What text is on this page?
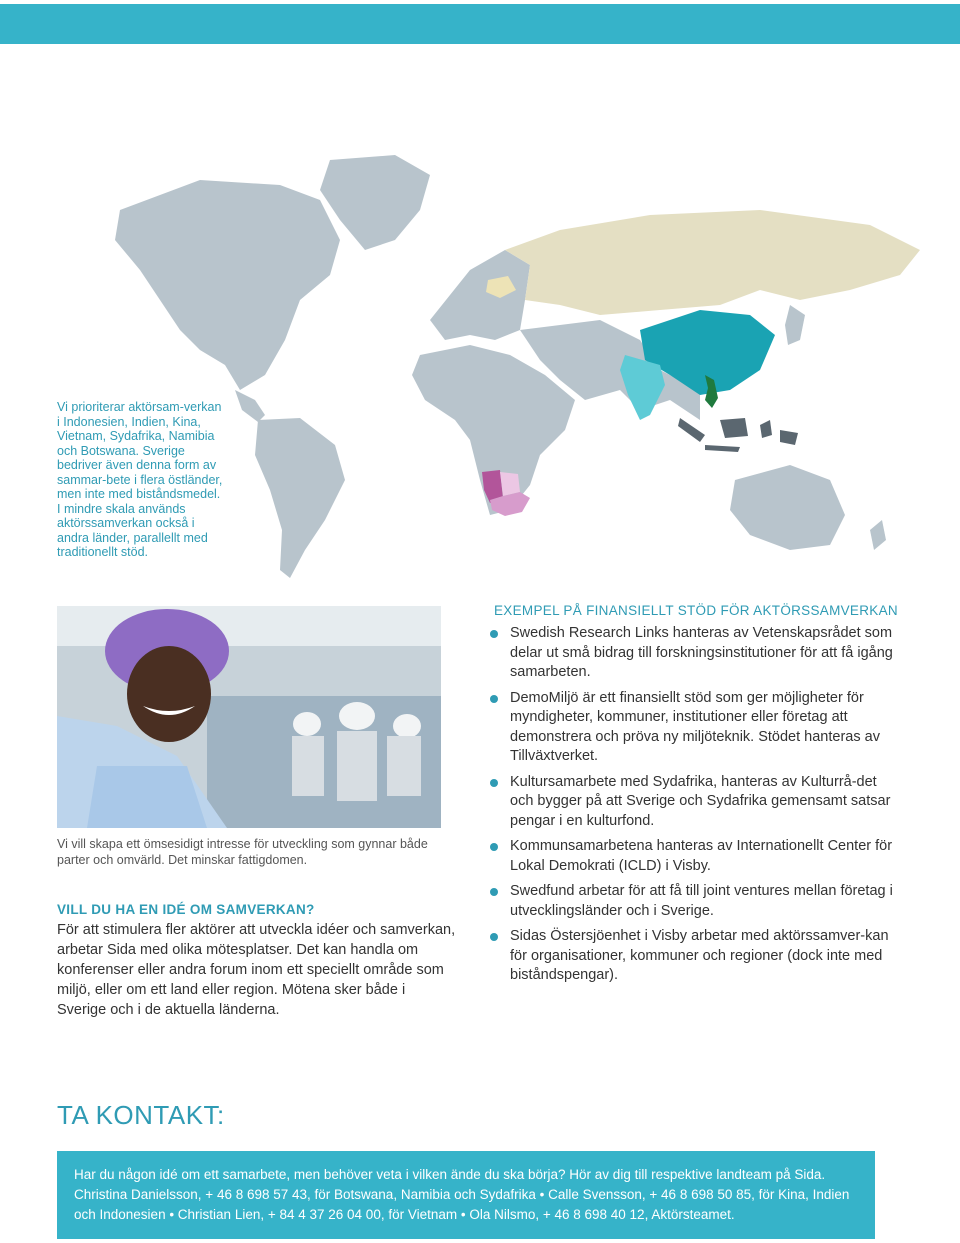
Vi prioriterar aktörsam-verkan i Indonesien, Indien, Kina, Vietnam, Sydafrika, Namibia och Botswana. Sverige bedriver även denna form av sammar-bete i flera östländer, men inte med biståndsmedel. I mindre skala används aktörssamverkan också i andra länder, parallellt med traditionellt stöd.
Vi vill skapa ett ömsesidigt intresse för utveckling som gynnar både parter och omvärld. Det minskar fattigdomen.
VILL DU HA EN IDÉ OM SAMVERKAN?
För att stimulera fler aktörer att utveckla idéer och samverkan, arbetar Sida med olika mötesplatser. Det kan handla om konferenser eller andra forum inom ett speciellt område som miljö, eller om ett land eller region. Mötena sker både i Sverige och i de aktuella länderna.
EXEMPEL PÅ FINANSIELLT STÖD FÖR AKTÖRSSAMVERKAN
Swedish Research Links hanteras av Vetenskapsrådet som delar ut små bidrag till forskningsinstitutioner för att få igång samarbeten.
DemoMiljö är ett finansiellt stöd som ger möjligheter för myndigheter, kommuner, institutioner eller företag att demonstrera och pröva ny miljöteknik. Stödet hanteras av Tillväxtverket.
Kultursamarbete med Sydafrika, hanteras av Kulturrå-det och bygger på att Sverige och Sydafrika gemensamt satsar pengar i en kulturfond.
Kommunsamarbetena hanteras av Internationellt Center för Lokal Demokrati (ICLD) i Visby.
Swedfund arbetar för att få till joint ventures mellan företag i utvecklingsländer och i Sverige.
Sidas Östersjöenhet i Visby arbetar med aktörssamver-kan för organisationer, kommuner och regioner (dock inte med biståndspengar).
TA KONTAKT:
Har du någon idé om ett samarbete, men behöver veta i vilken ände du ska börja? Hör av dig till respektive landteam på Sida. Christina Danielsson, + 46 8 698 57 43, för Botswana, Namibia och Sydafrika • Calle Svensson, + 46 8 698 50 85, för Kina, Indien och Indonesien • Christian Lien, + 84 4 37 26 04 00, för Vietnam • Ola Nilsmo, + 46 8 698 40 12, Aktörsteamet.
